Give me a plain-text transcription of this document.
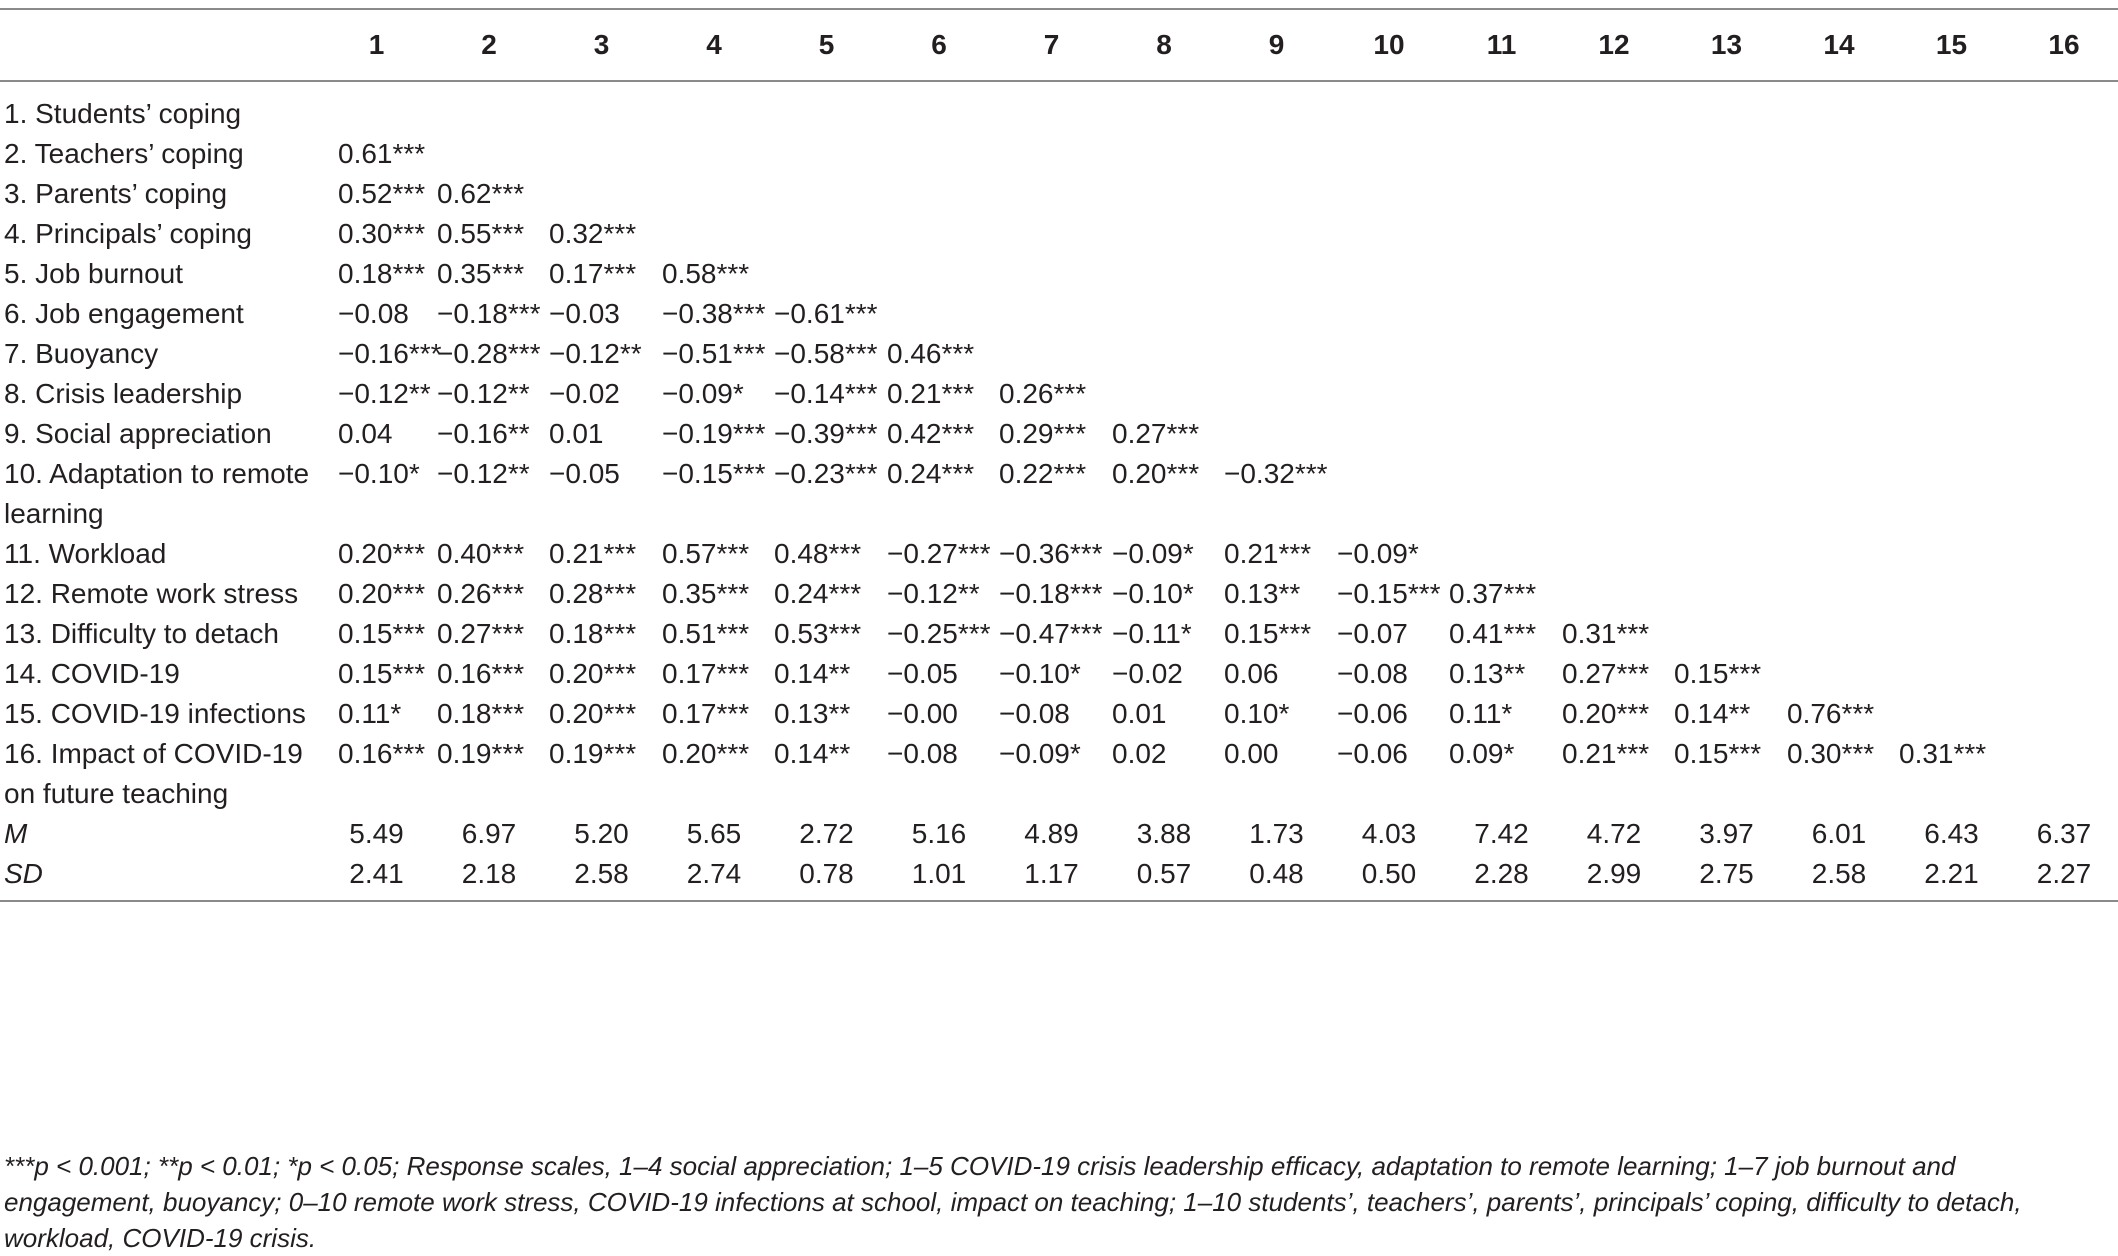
	1	2	3	4	5	6	7	8	9	10	11	12	13	14	15	16
1. Students’ coping																
2. Teachers’ coping	0.61***															
3. Parents’ coping	0.52***	0.62***														
4. Principals’ coping	0.30***	0.55***	0.32***													
5. Job burnout	0.18***	0.35***	0.17***	0.58***												
6. Job engagement	−0.08	−0.18***	−0.03	−0.38***	−0.61***											
7. Buoyancy	−0.16***	−0.28***	−0.12**	−0.51***	−0.58***	0.46***										
8. Crisis leadership	−0.12**	−0.12**	−0.02	−0.09*	−0.14***	0.21***	0.26***									
9. Social appreciation	0.04	−0.16**	0.01	−0.19***	−0.39***	0.42***	0.29***	0.27***								
10. Adaptation to remote learning	−0.10*	−0.12**	−0.05	−0.15***	−0.23***	0.24***	0.22***	0.20***	−0.32***							
11. Workload	0.20***	0.40***	0.21***	0.57***	0.48***	−0.27***	−0.36***	−0.09*	0.21***	−0.09*						
12. Remote work stress	0.20***	0.26***	0.28***	0.35***	0.24***	−0.12**	−0.18***	−0.10*	0.13**	−0.15***	0.37***					
13. Difficulty to detach	0.15***	0.27***	0.18***	0.51***	0.53***	−0.25***	−0.47***	−0.11*	0.15***	−0.07	0.41***	0.31***				
14. COVID-19	0.15***	0.16***	0.20***	0.17***	0.14**	−0.05	−0.10*	−0.02	0.06	−0.08	0.13**	0.27***	0.15***			
15. COVID-19 infections	0.11*	0.18***	0.20***	0.17***	0.13**	−0.00	−0.08	0.01	0.10*	−0.06	0.11*	0.20***	0.14**	0.76***		
16. Impact of COVID-19 on future teaching	0.16***	0.19***	0.19***	0.20***	0.14**	−0.08	−0.09*	0.02	0.00	−0.06	0.09*	0.21***	0.15***	0.30***	0.31***	
M	5.49	6.97	5.20	5.65	2.72	5.16	4.89	3.88	1.73	4.03	7.42	4.72	3.97	6.01	6.43	6.37
SD	2.41	2.18	2.58	2.74	0.78	1.01	1.17	0.57	0.48	0.50	2.28	2.99	2.75	2.58	2.21	2.27
***p < 0.001; **p < 0.01; *p < 0.05; Response scales, 1–4 social appreciation; 1–5 COVID-19 crisis leadership efficacy, adaptation to remote learning; 1–7 job burnout and engagement, buoyancy; 0–10 remote work stress, COVID-19 infections at school, impact on teaching; 1–10 students’, teachers’, parents’, principals’ coping, difficulty to detach, workload, COVID-19 crisis.
